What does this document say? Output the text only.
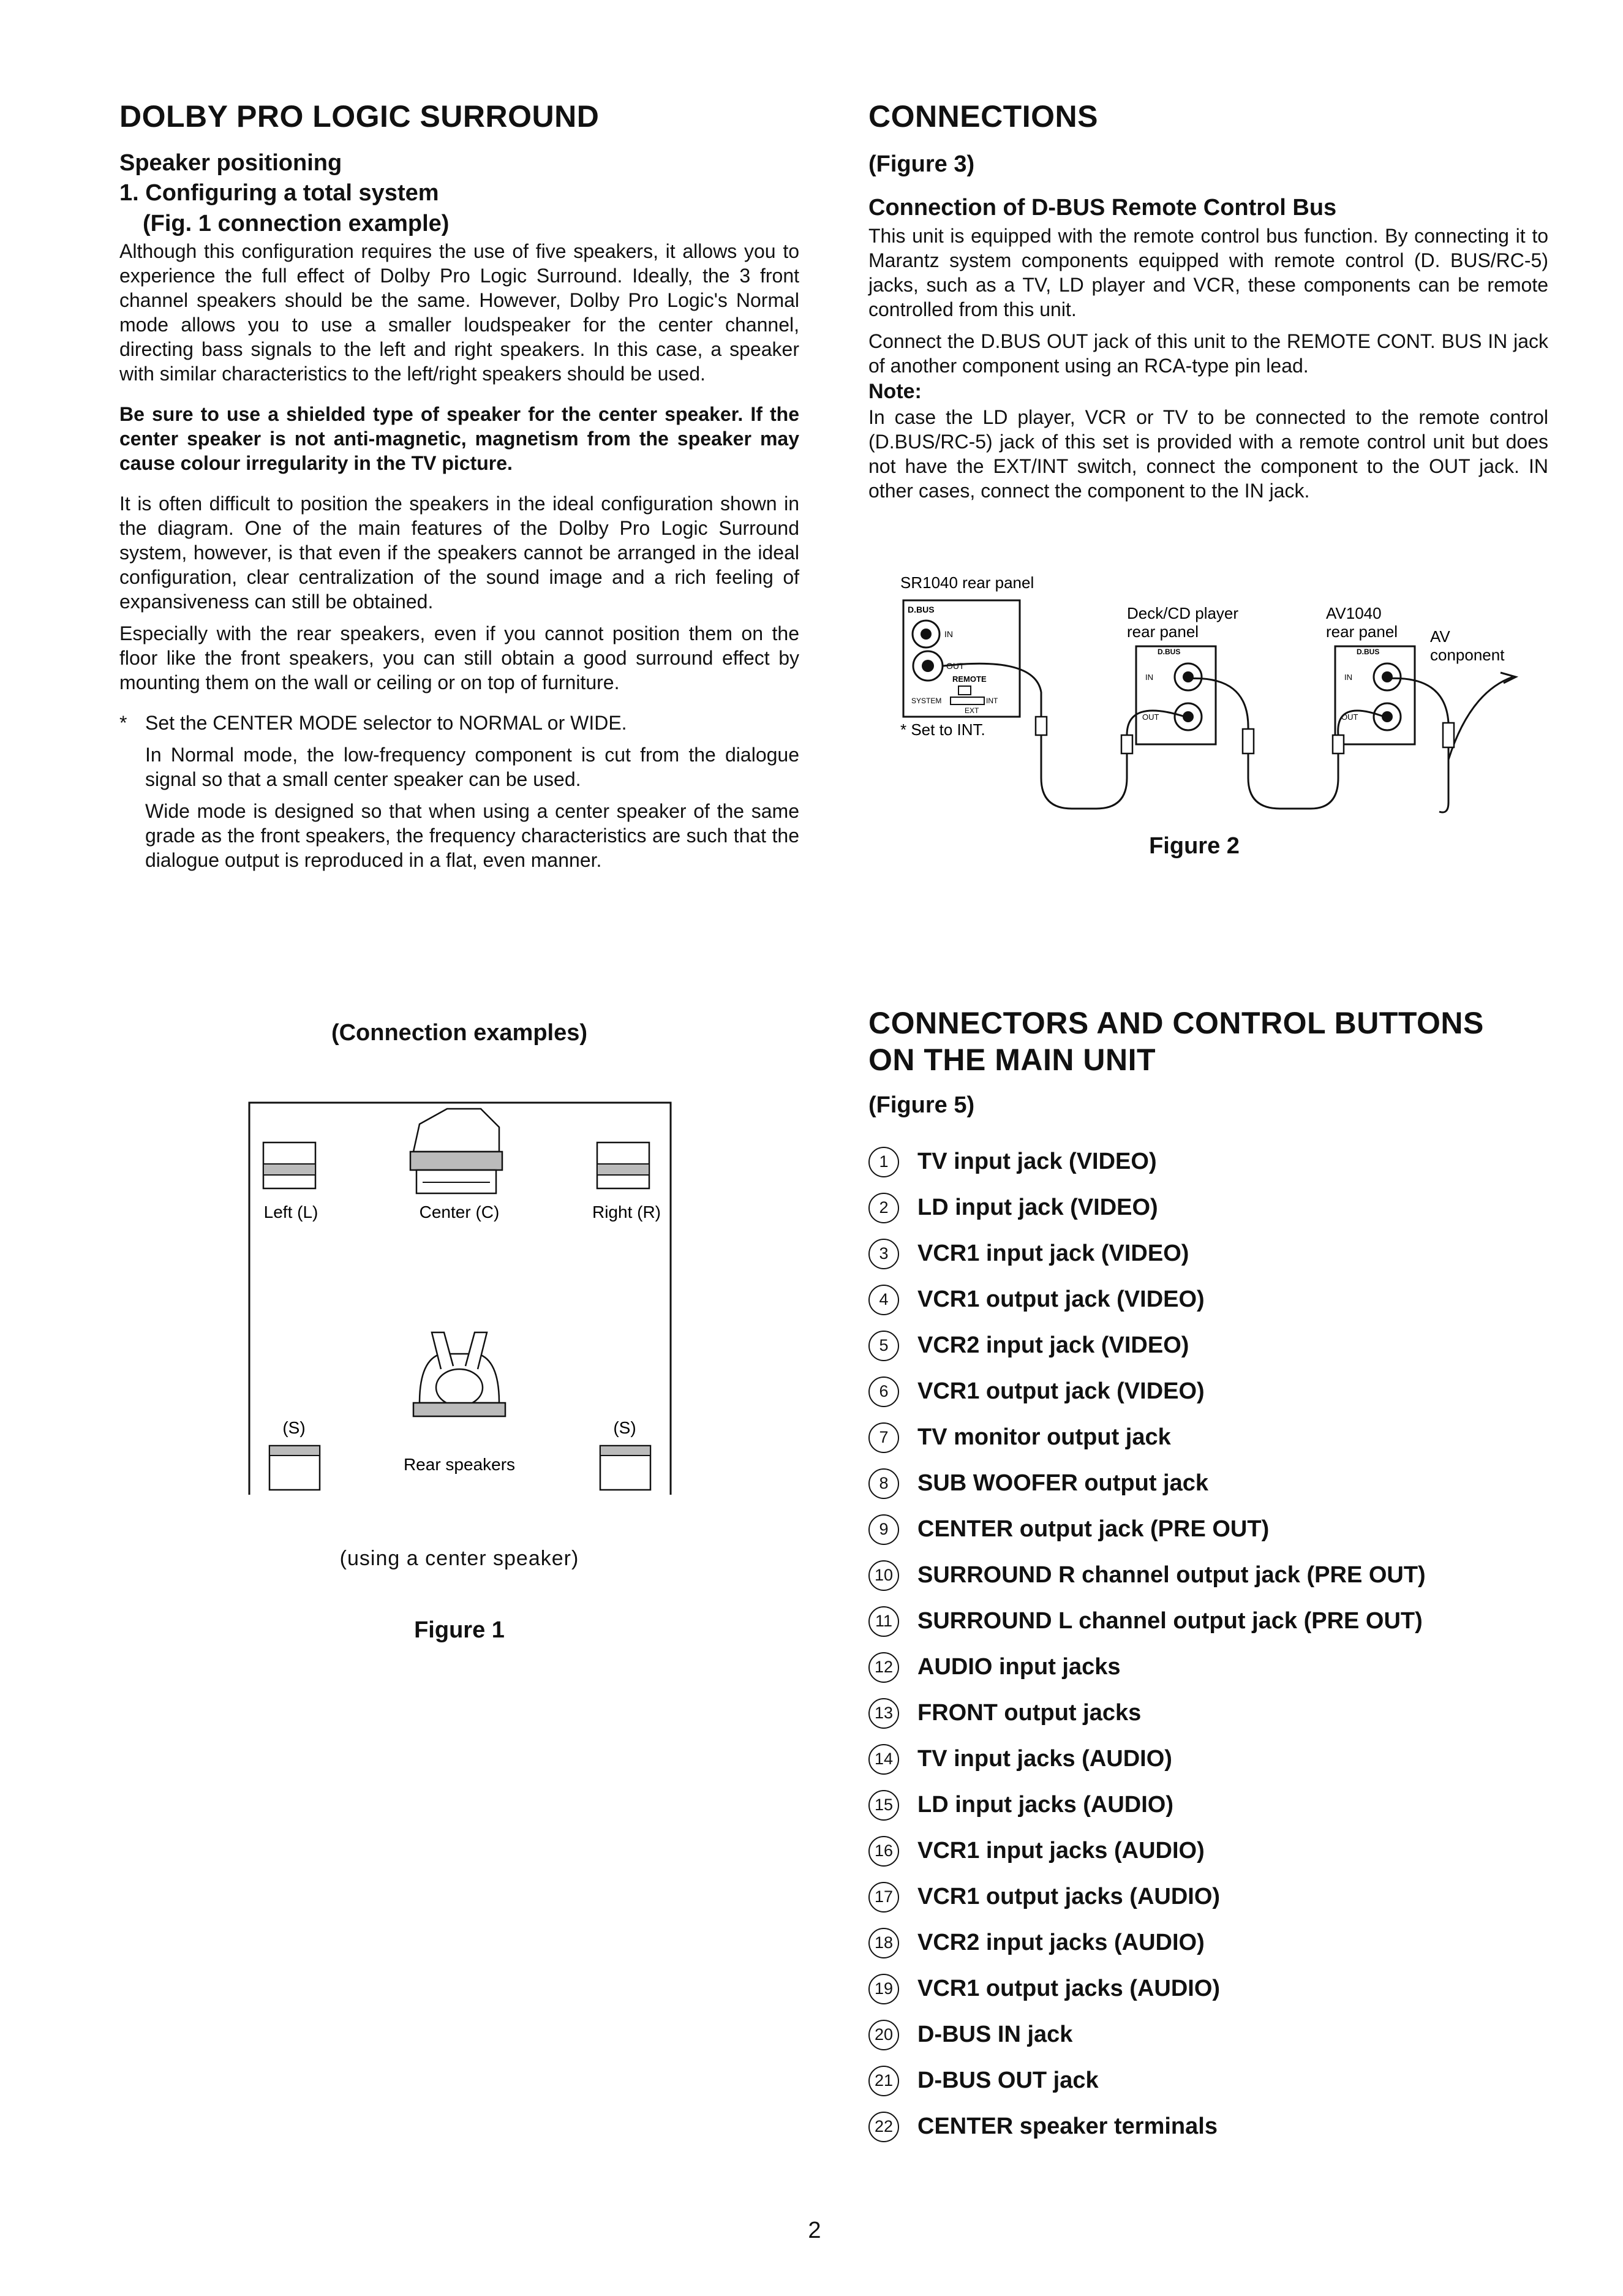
DOLBY PRO LOGIC SURROUND
Speaker positioning
1. Configuring a total system
(Fig. 1 connection example)

Although this configuration requires the use of five speakers, it allows you to experience the full effect of Dolby Pro Logic Surround. Ideally, the 3 front channel speakers should be the same. However, Dolby Pro Logic's Normal mode allows you to use a smaller loudspeaker for the center channel, directing bass signals to the left and right speakers. In this case, a speaker with similar characteristics to the left/right speakers should be used.

Be sure to use a shielded type of speaker for the center speaker. If the center speaker is not anti-magnetic, magnetism from the speaker may cause colour irregularity in the TV picture.

It is often difficult to position the speakers in the ideal configuration shown in the diagram. One of the main features of the Dolby Pro Logic Surround system, however, is that even if the speakers cannot be arranged in the ideal configuration, clear centralization of the sound image and a rich feeling of expansiveness can still be obtained.

Especially with the rear speakers, even if you cannot position them on the floor like the front speakers, you can still obtain a good surround effect by mounting them on the wall or ceiling or on top of furniture.

* Set the CENTER MODE selector to NORMAL or WIDE.

In Normal mode, the low-frequency component is cut from the dialogue signal so that a small center speaker can be used.

Wide mode is designed so that when using a center speaker of the same grade as the front speakers, the frequency characteristics are such that the dialogue output is reproduced in a flat, even manner.

(Connection examples)
Left (L)	Center (C)	Right (R)
(S)	(S)
Rear speakers
(using a center speaker)
Figure 1
CONNECTIONS
(Figure 3)
Connection of D-BUS Remote Control Bus

This unit is equipped with the remote control bus function. By connecting it to Marantz system components equipped with remote control (D. BUS/RC-5) jacks, such as a TV, LD player and VCR, these components can be remote controlled from this unit.

Connect the D.BUS OUT jack of this unit to the REMOTE CONT. BUS IN jack of another component using an RCA-type pin lead.

Note:

In case the LD player, VCR or TV to be connected to the remote control (D.BUS/RC-5) jack of this set is provided with a remote control unit but does not have the EXT/INT switch, connect the component to the OUT jack. IN other cases, connect the component to the IN jack.

SR1040 rear panel
D.BUS
IN
OUT
REMOTE
SYSTEM	INT
EXT
* Set to INT.
Deck/CD player
rear panel
D.BUS
IN
OUT
AV1040
rear panel
D.BUS
IN
OUT
AV
conponent
Figure 2
CONNECTORS AND CONTROL BUTTONS
ON THE MAIN UNIT
(Figure 5)
1	TV input jack (VIDEO)
2	LD input jack (VIDEO)
3	VCR1 input jack (VIDEO)
4	VCR1 output jack (VIDEO)
5	VCR2 input jack (VIDEO)
6	VCR1 output jack (VIDEO)
7	TV monitor output jack
8	SUB WOOFER output jack
9	CENTER output jack (PRE OUT)
10 SURROUND R channel output jack (PRE OUT)
11 SURROUND L channel output jack (PRE OUT)
12 AUDIO input jacks
13 FRONT output jacks
14 TV input jacks (AUDIO)
15 LD input jacks (AUDIO)
16 VCR1 input jacks (AUDIO)
17 VCR1 output jacks (AUDIO)
18 VCR2 input jacks (AUDIO)
19 VCR1 output jacks (AUDIO)
20 D-BUS IN jack
21 D-BUS OUT jack
22 CENTER speaker terminals
2
